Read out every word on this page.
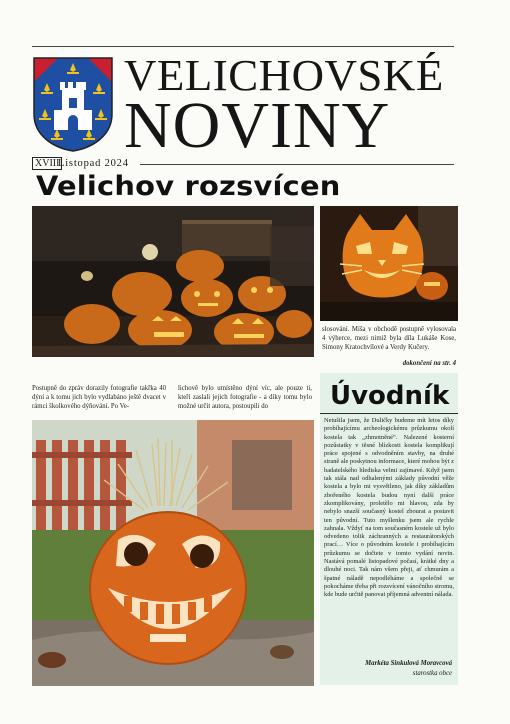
VELICHOVSKÉ
NOVINY
XVIII
Listopad 2024
Velichov rozsvícen
Postupně do zpráv dorazily fotografie takřka 40 dýní a k tomu jich bylo vydlabáno ještě dvacet v rámci školkového dýňování. Po Ve-
lichově bylo umístěno dýní víc, ale pouze ti, kteří zaslali jejich fotografie - a díky tomu bylo možné určit autora, postoupili do
slosování. Míša v obchodě postupně vylosovala 4 výherce, mezi nimiž byla díla Lukáše Kose, Simony Kratochvílové a Verdy Kučery.
dokončení na str. 4
Úvodník
Netušila jsem, že Duličky budeme mít letos díky probíhajícímu archeologickému průzkumu okolí kostela tak „zhmotněné“. Nalezené kosterní pozůstatky v těsné blízkosti kostela komplikují práce spojené s odvodněním stavby, na druhé straně ale poskytnou informace, které mohou být z badatelského hlediska velmi zajímavé. Když jsem tak stála nad odhalenými základy původní věže kostela a bylo mi vysvětleno, jak díky základům zbořeného kostela budou nyní další práce zkomplikovány, proletělo mi hlavou, zda by nebylo snazší současný kostel zbourat a postavit ten původní. Tuto myšlenku jsem ale rychle zahnala. Vždyť na tom současném kostele už bylo odvedeno tolik záchranných a restaurátorských prací… Více o původním kostele i probíhajícím průzkumu se dočtete v tomto vydání novin. Nastává pomalé listopadové počasí, krátké dny a dlouhé noci. Tak nám všem přeji, ať chmurám a špatné náladě nepodléháme a společně se pokocháme třeba při rozsvícení vánočního stromu, kde bude určitě panovat příjemná adventní nálada.
Markéta Sinkulová Moravcová
starostka obce
